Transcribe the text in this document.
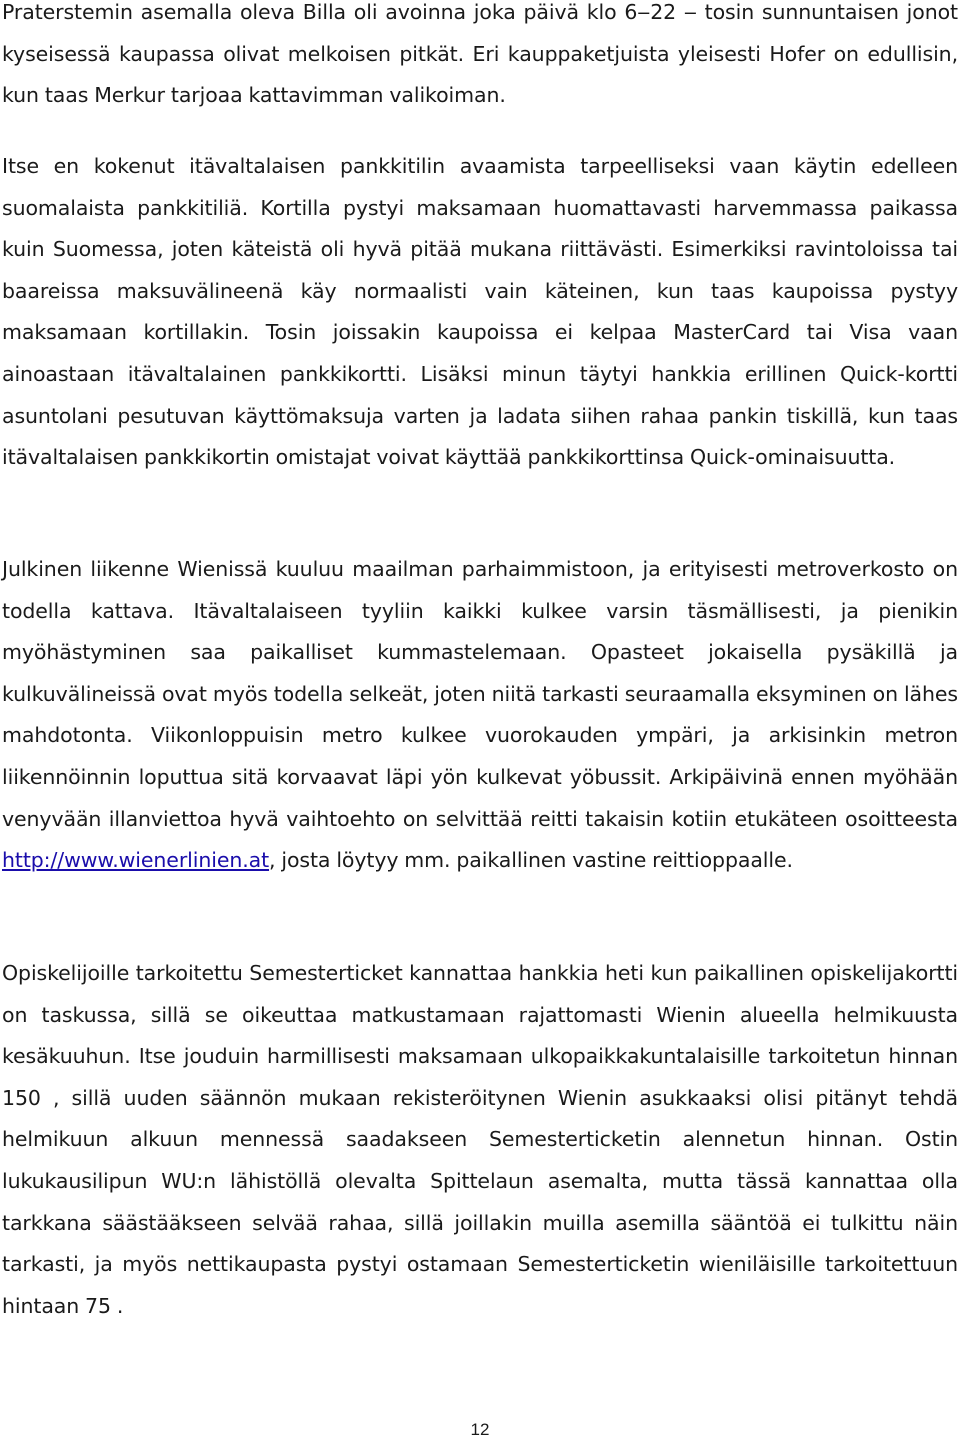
Praterstemin asemalla oleva Billa oli avoinna joka päivä klo 6‒22 ‒ tosin sunnuntaisen jonot kyseisessä kaupassa olivat melkoisen pitkät. Eri kauppaketjuista yleisesti Hofer on edullisin, kun taas Merkur tarjoaa kattavimman valikoiman.

Itse en kokenut itävaltalaisen pankkitilin avaamista tarpeelliseksi vaan käytin edelleen suomalaista pankkitiliä. Kortilla pystyi maksamaan huomattavasti harvemmassa paikassa kuin Suomessa, joten käteistä oli hyvä pitää mukana riittävästi. Esimerkiksi ravintoloissa tai baareissa maksuvälineenä käy normaalisti vain käteinen, kun taas kaupoissa pystyy maksamaan kortillakin. Tosin joissakin kaupoissa ei kelpaa MasterCard tai Visa vaan ainoastaan itävaltalainen pankkikortti. Lisäksi minun täytyi hankkia erillinen Quick-kortti asuntolani pesutuvan käyttömaksuja varten ja ladata siihen rahaa pankin tiskillä, kun taas itävaltalaisen pankkikortin omistajat voivat käyttää pankkikorttinsa Quick-ominaisuutta.

Julkinen liikenne Wienissä kuuluu maailman parhaimmistoon, ja erityisesti metroverkosto on todella kattava. Itävaltalaiseen tyyliin kaikki kulkee varsin täsmällisesti, ja pienikin myöhästyminen saa paikalliset kummastelemaan. Opasteet jokaisella pysäkillä ja kulkuvälineissä ovat myös todella selkeät, joten niitä tarkasti seuraamalla eksyminen on lähes mahdotonta. Viikonloppuisin metro kulkee vuorokauden ympäri, ja arkisinkin metron liikennöinnin loputtua sitä korvaavat läpi yön kulkevat yöbussit. Arkipäivinä ennen myöhään venyvään illanviettoa hyvä vaihtoehto on selvittää reitti takaisin kotiin etukäteen osoitteesta http://www.wienerlinien.at, josta löytyy mm. paikallinen vastine reittioppaalle.

Opiskelijoille tarkoitettu Semesterticket kannattaa hankkia heti kun paikallinen opiskelijakortti on taskussa, sillä se oikeuttaa matkustamaan rajattomasti Wienin alueella helmikuusta kesäkuuhun. Itse jouduin harmillisesti maksamaan ulkopaikkakuntalaisille tarkoitetun hinnan 150 , sillä uuden säännön mukaan rekisteröitynen Wienin asukkaaksi olisi pitänyt tehdä helmikuun alkuun mennessä saadakseen Semesterticketin alennetun hinnan. Ostin lukukausilipun WU:n lähistöllä olevalta Spittelaun asemalta, mutta tässä kannattaa olla tarkkana säästääkseen selvää rahaa, sillä joillakin muilla asemilla sääntöä ei tulkittu näin tarkasti, ja myös nettikaupasta pystyi ostamaan Semesterticketin wienіläisille tarkoitettuun hintaan 75 .

12
